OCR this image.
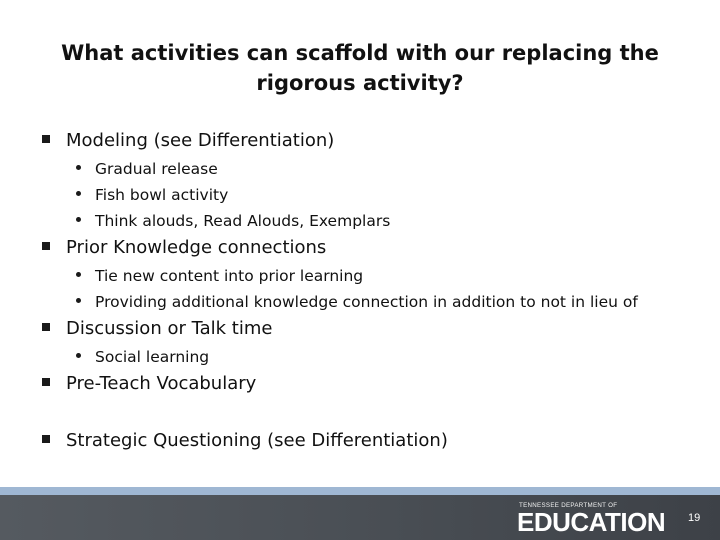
What activities can scaffold with our replacing the
rigorous activity?
Modeling (see Differentiation)
Gradual release
Fish bowl activity
Think alouds, Read Alouds, Exemplars
Prior Knowledge connections
Tie new content into prior learning
Providing additional knowledge connection in addition to not in lieu of
Discussion or Talk time
Social learning
Pre-Teach Vocabulary
Strategic Questioning (see Differentiation)
TENNESSEE DEPARTMENT OF
EDUCATION 19
